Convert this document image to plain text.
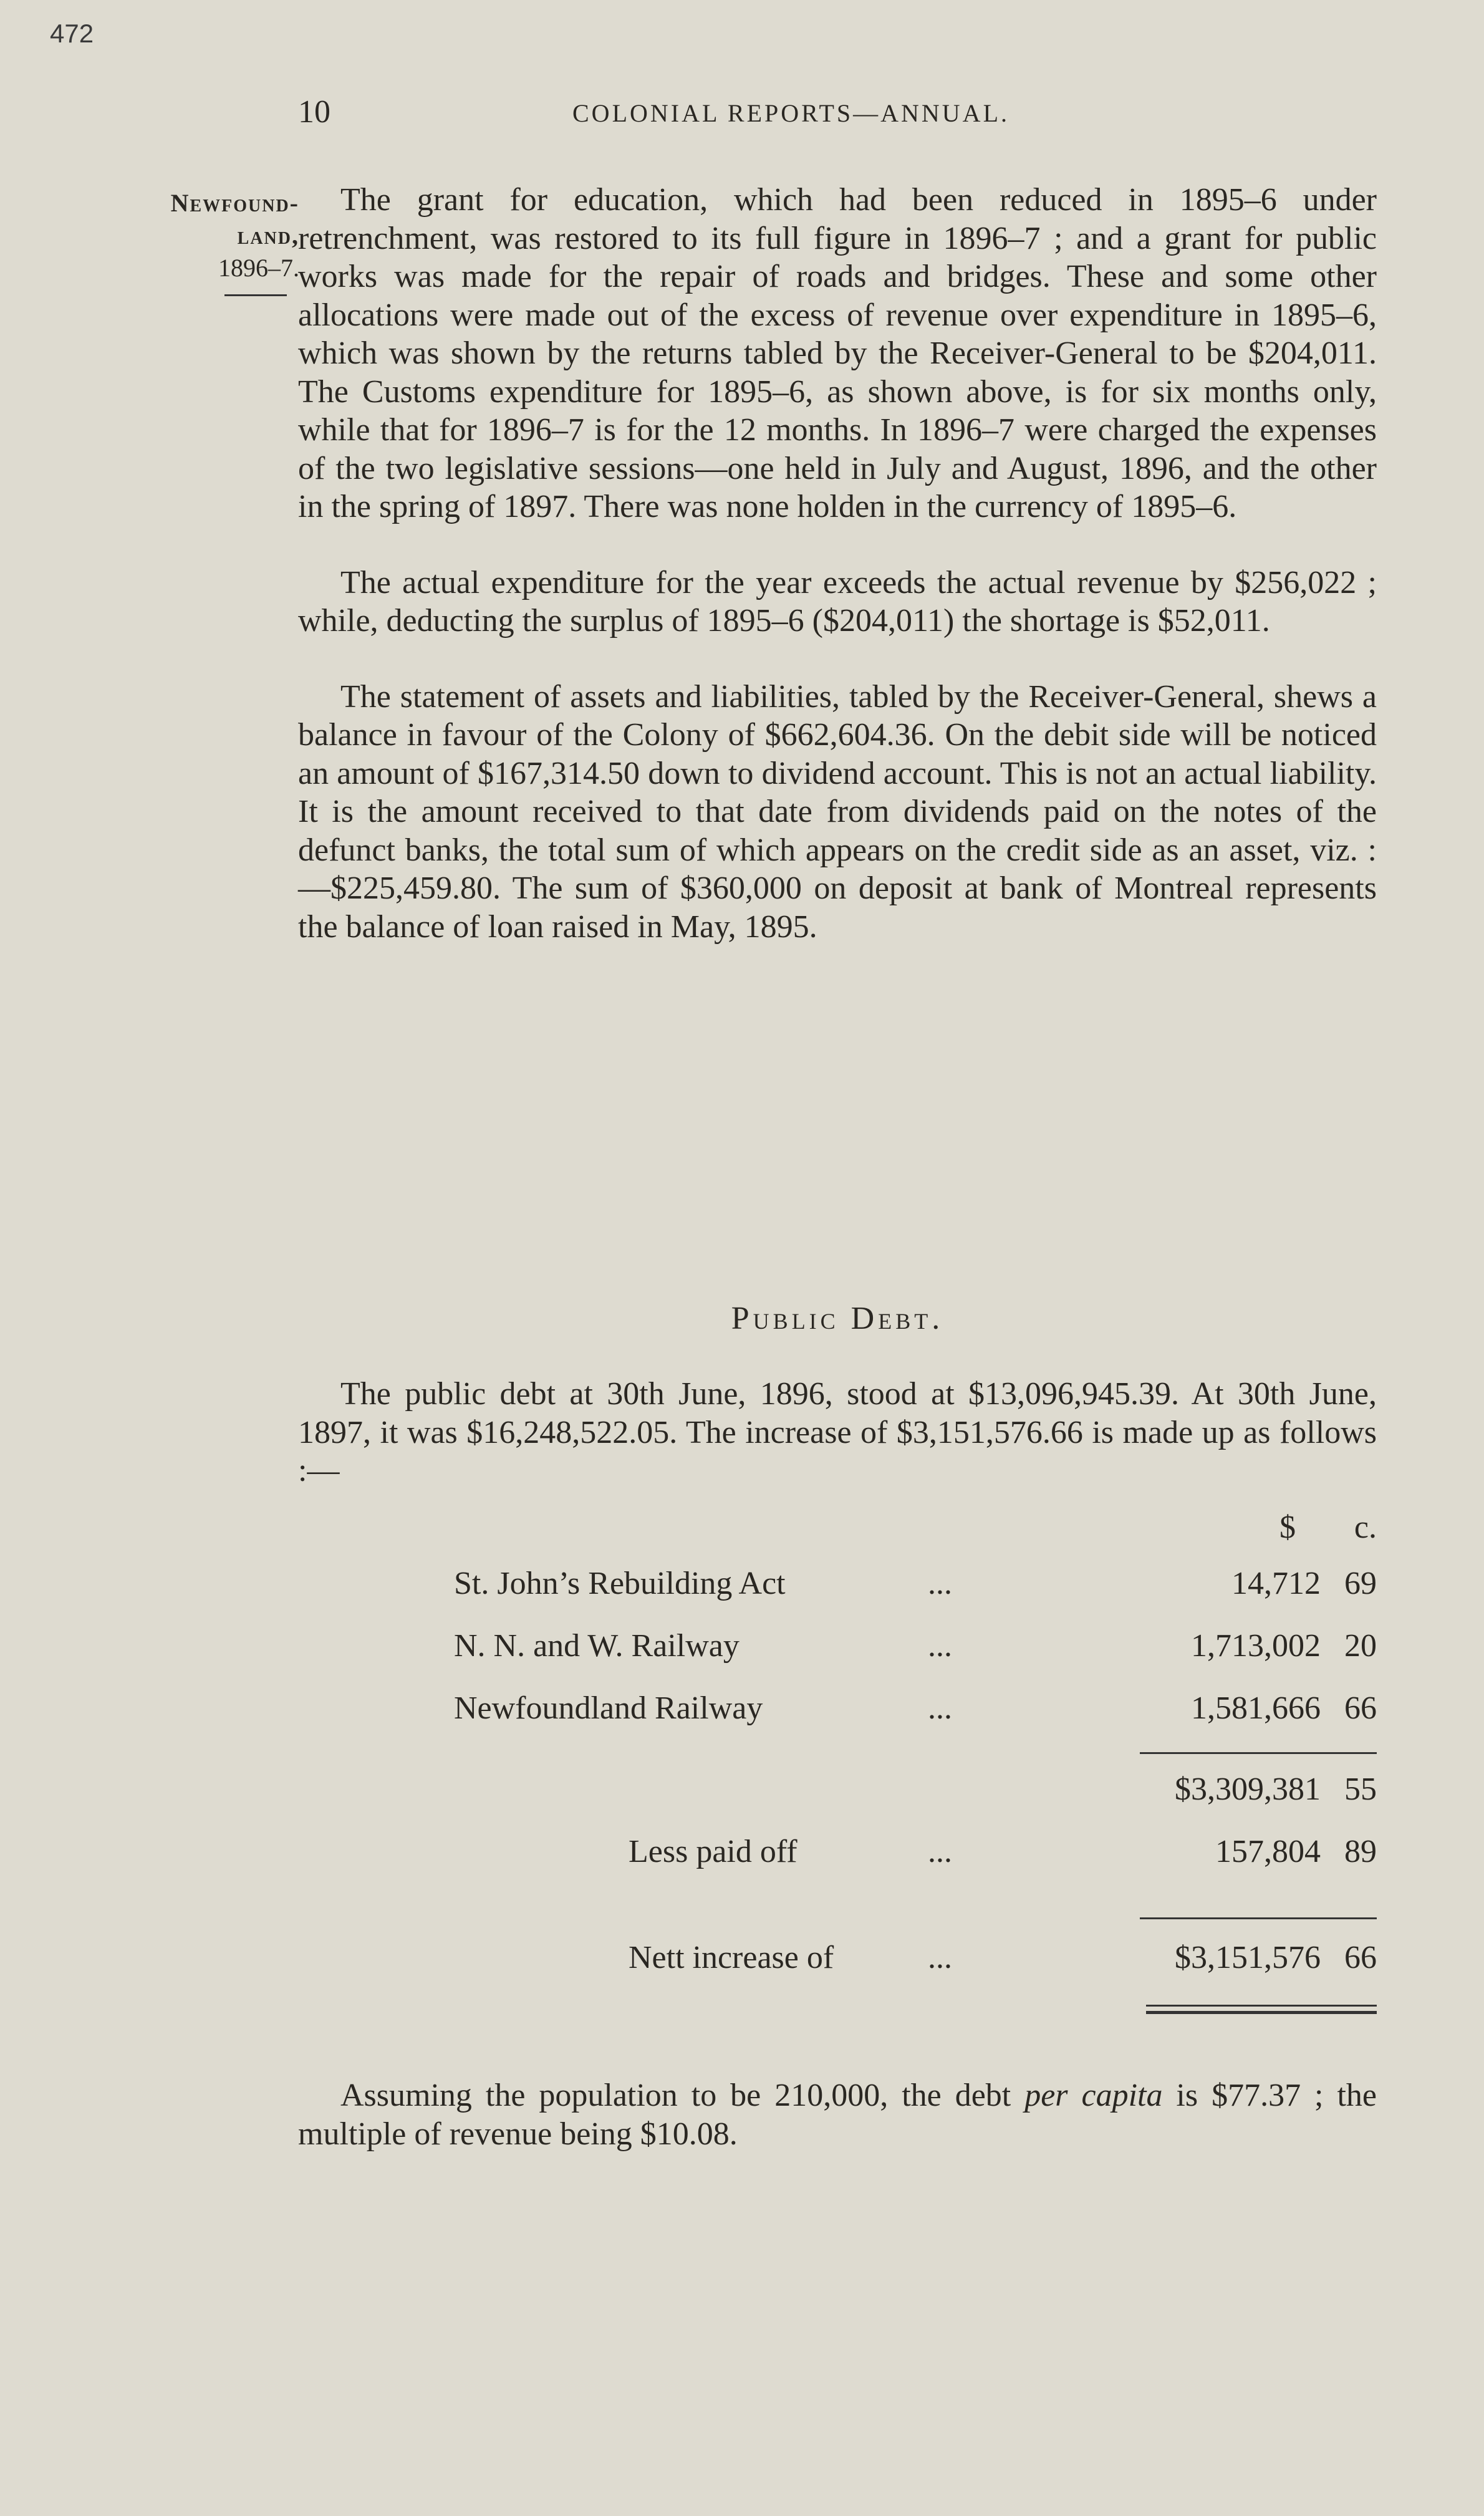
472
10	COLONIAL REPORTS—ANNUAL.
Newfound-
land,
1896–7.

The grant for education, which had been reduced in 1895–6 under retrenchment, was restored to its full figure in 1896–7 ; and a grant for public works was made for the repair of roads and bridges. These and some other allocations were made out of the excess of revenue over expenditure in 1895–6, which was shown by the returns tabled by the Receiver-General to be $204,011. The Customs expenditure for 1895–6, as shown above, is for six months only, while that for 1896–7 is for the 12 months. In 1896–7 were charged the expenses of the two legislative sessions—one held in July and August, 1896, and the other in the spring of 1897. There was none holden in the currency of 1895–6.

The actual expenditure for the year exceeds the actual revenue by $256,022 ; while, deducting the surplus of 1895–6 ($204,011) the shortage is $52,011.

The statement of assets and liabilities, tabled by the Receiver-General, shews a balance in favour of the Colony of $662,604.36. On the debit side will be noticed an amount of $167,314.50 down to dividend account. This is not an actual liability. It is the amount received to that date from dividends paid on the notes of the defunct banks, the total sum of which appears on the credit side as an asset, viz. :—$225,459.80. The sum of $360,000 on deposit at bank of Montreal represents the balance of loan raised in May, 1895.

Public Debt.

The public debt at 30th June, 1896, stood at $13,096,945.39. At 30th June, 1897, it was $16,248,522.05. The increase of $3,151,576.66 is made up as follows :—

$	c.
St. John’s Rebuilding Act	...	14,712 69
N. N. and W. Railway	...	1,713,002 20
Newfoundland Railway	...	1,581,666 66
$3,309,381 55
Less paid off	...	157,804 89
Nett increase of	...	$3,151,576 66

Assuming the population to be 210,000, the debt per capita is $77.37 ; the multiple of revenue being $10.08.
